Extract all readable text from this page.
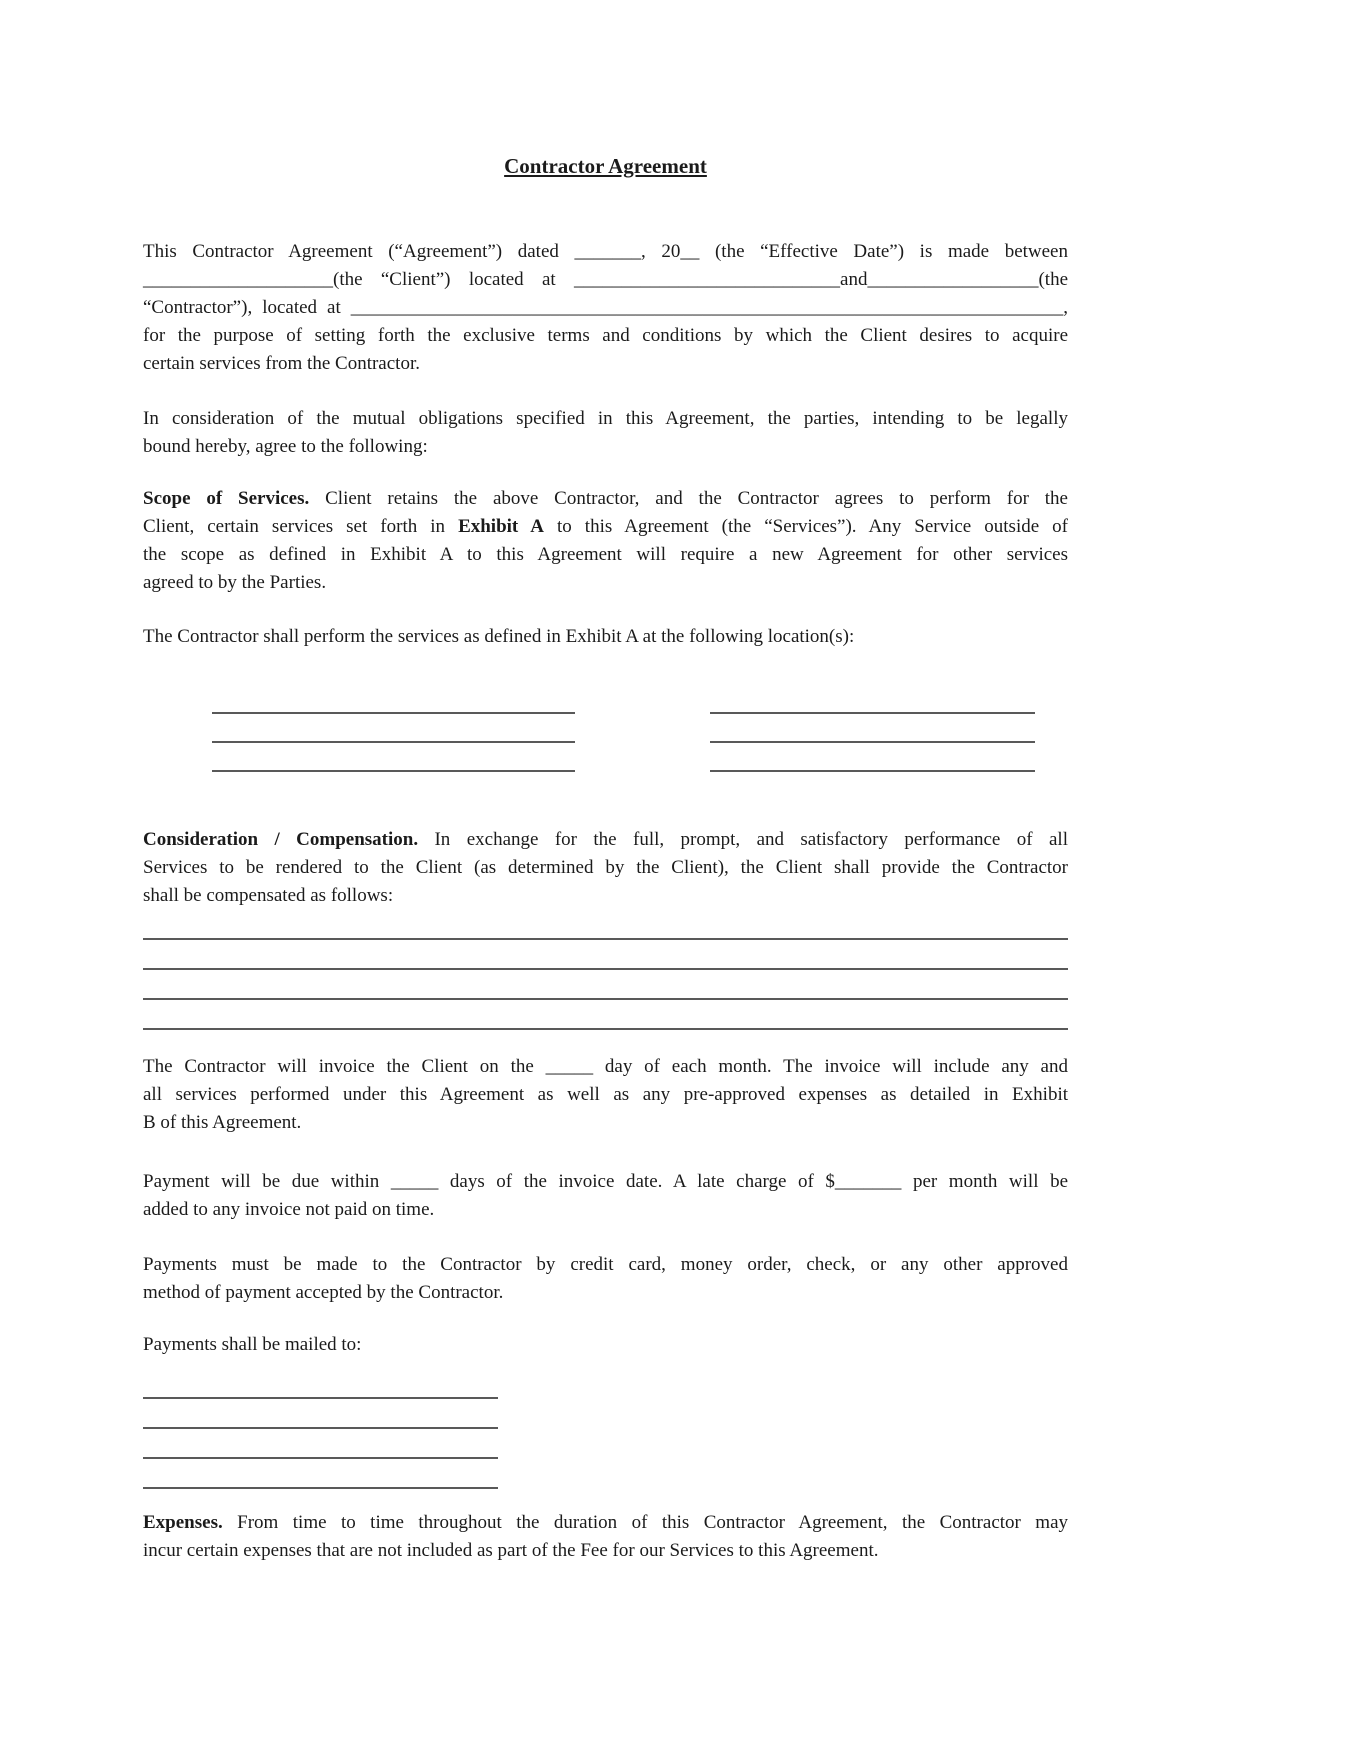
Contractor Agreement
This Contractor Agreement (“Agreement”) dated _______, 20__ (the “Effective Date”) is made between
____________________(the “Client”) located at ____________________________and__________________(the
“Contractor”), located at ___________________________________________________________________________,
for the purpose of setting forth the exclusive terms and conditions by which the Client desires to acquire
certain services from the Contractor.
In consideration of the mutual obligations specified in this Agreement, the parties, intending to be legally
bound hereby, agree to the following:
Scope of Services. Client retains the above Contractor, and the Contractor agrees to perform for the
Client, certain services set forth in Exhibit A to this Agreement (the “Services”). Any Service outside of
the scope as defined in Exhibit A to this Agreement will require a new Agreement for other services
agreed to by the Parties.
The Contractor shall perform the services as defined in Exhibit A at the following location(s):
Consideration / Compensation. In exchange for the full, prompt, and satisfactory performance of all
Services to be rendered to the Client (as determined by the Client), the Client shall provide the Contractor
shall be compensated as follows:
The Contractor will invoice the Client on the _____ day of each month. The invoice will include any and
all services performed under this Agreement as well as any pre-approved expenses as detailed in Exhibit
B of this Agreement.
Payment will be due within _____ days of the invoice date. A late charge of $_______ per month will be
added to any invoice not paid on time.
Payments must be made to the Contractor by credit card, money order, check, or any other approved
method of payment accepted by the Contractor.
Payments shall be mailed to:
Expenses. From time to time throughout the duration of this Contractor Agreement, the Contractor may
incur certain expenses that are not included as part of the Fee for our Services to this Agreement.
